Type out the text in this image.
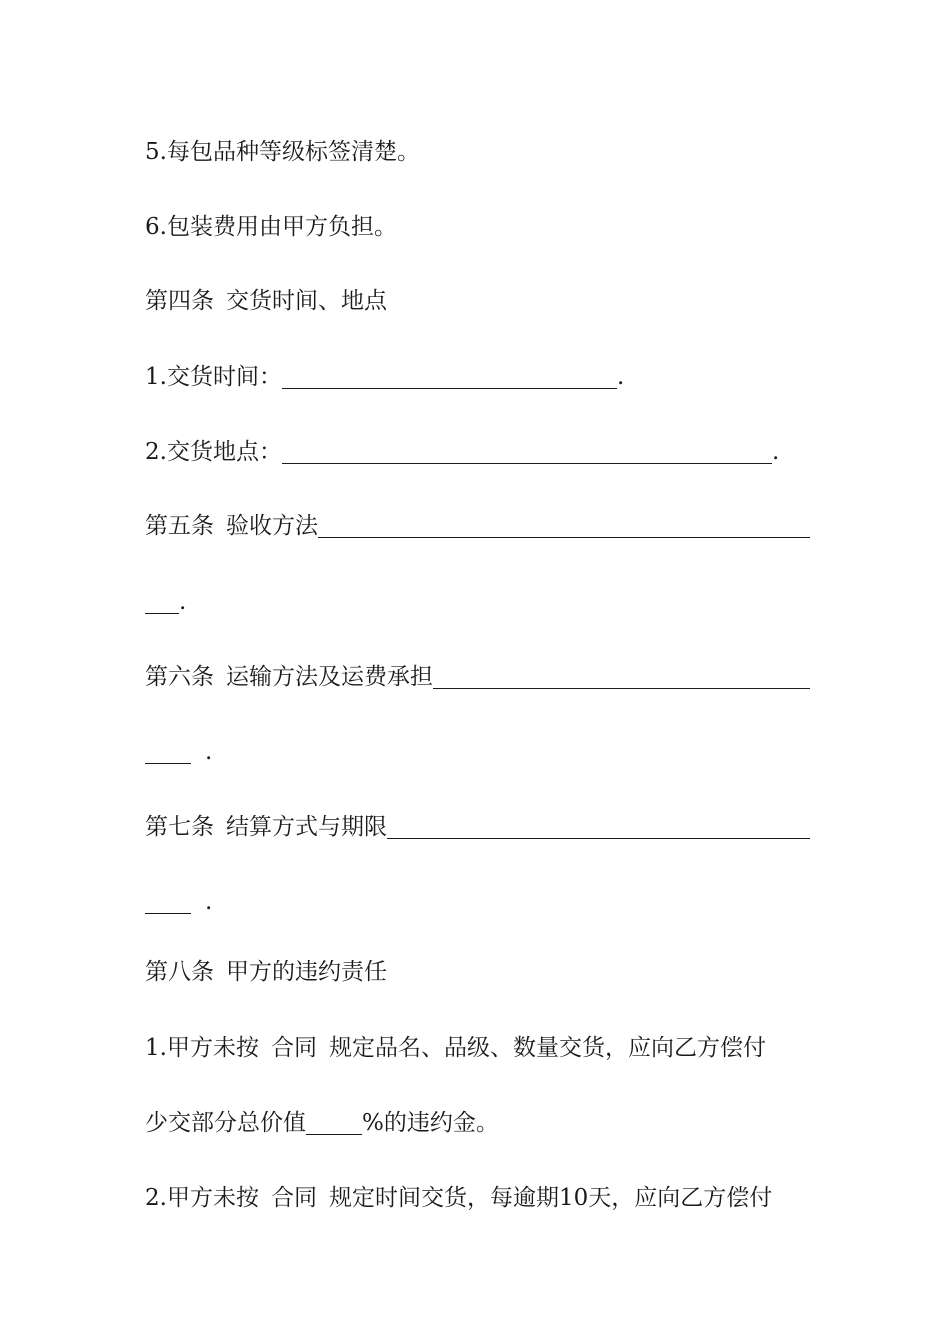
5.每包品种等级标签清楚。
6.包装费用由甲方负担。
第四条 交货时间、地点
1.交货时间：	.
2.交货地点：	.
第五条 验收方法
.
第六条 运输方法及运费承担
.
第七条 结算方式与期限
.
第八条 甲方的违约责任
1.甲方未按 合同 规定品名、品级、数量交货，应向乙方偿付
少交部分总价值 %的违约金。
2.甲方未按 合同 规定时间交货，每逾期10天，应向乙方偿付
